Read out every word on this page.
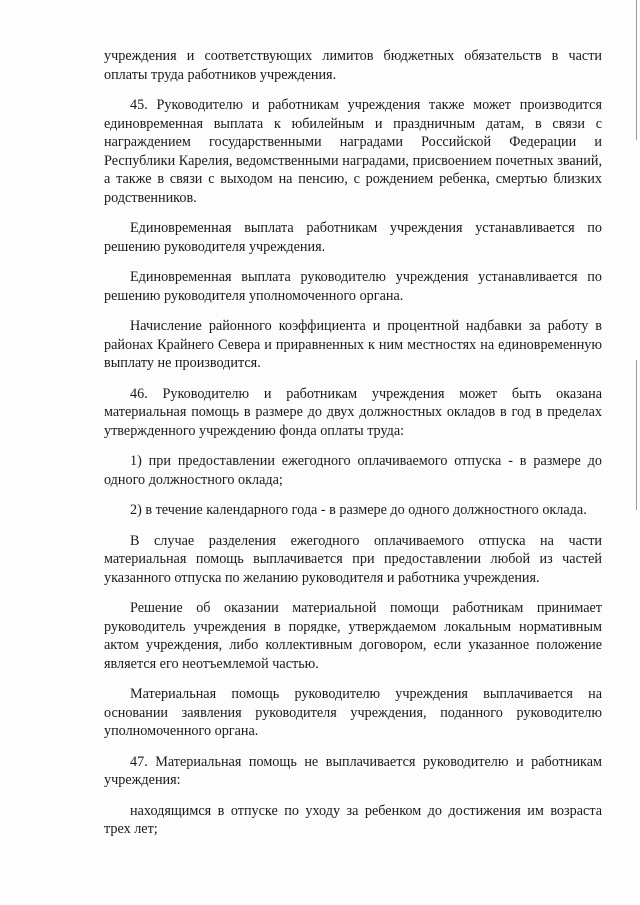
учреждения и соответствующих лимитов бюджетных обязательств в части оплаты труда работников учреждения.

45. Руководителю и работникам учреждения также может производится единовременная выплата к юбилейным и праздничным датам, в связи с награждением государственными наградами Российской Федерации и Республики Карелия, ведомственными наградами, присвоением почетных званий, а также в связи с выходом на пенсию, с рождением ребенка, смертью близких родственников.

Единовременная выплата работникам учреждения устанавливается по решению руководителя учреждения.

Единовременная выплата руководителю учреждения устанавливается по решению руководителя уполномоченного органа.

Начисление районного коэффициента и процентной надбавки за работу в районах Крайнего Севера и приравненных к ним местностях на единовременную выплату не производится.

46. Руководителю и работникам учреждения может быть оказана материальная помощь в размере до двух должностных окладов в год в пределах утвержденного учреждению фонда оплаты труда:

1) при предоставлении ежегодного оплачиваемого отпуска - в размере до одного должностного оклада;

2) в течение календарного года - в размере до одного должностного оклада.

В случае разделения ежегодного оплачиваемого отпуска на части материальная помощь выплачивается при предоставлении любой из частей указанного отпуска по желанию руководителя и работника учреждения.

Решение об оказании материальной помощи работникам принимает руководитель учреждения в порядке, утверждаемом локальным нормативным актом учреждения, либо коллективным договором, если указанное положение является его неотъемлемой частью.

Материальная помощь руководителю учреждения выплачивается на основании заявления руководителя учреждения, поданного руководителю уполномоченного органа.

47. Материальная помощь не выплачивается руководителю и работникам учреждения:

находящимся в отпуске по уходу за ребенком до достижения им возраста трех лет;
